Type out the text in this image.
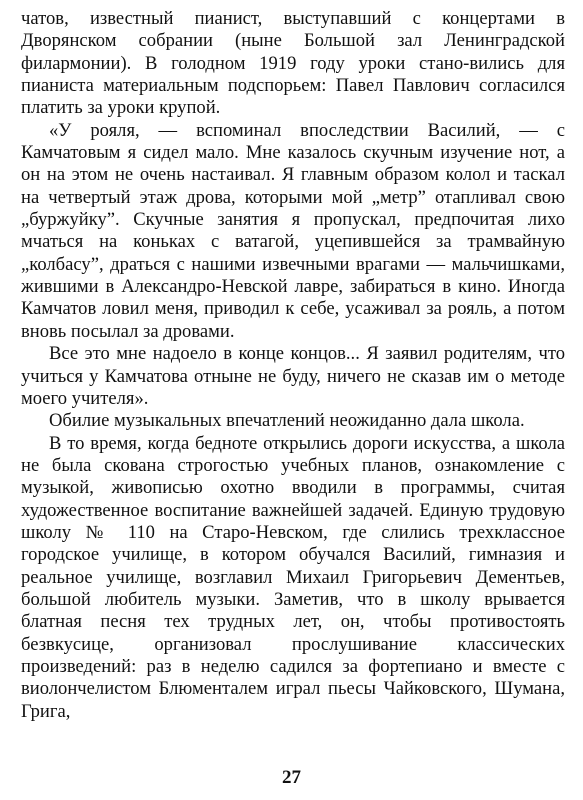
чатов, известный пианист, выступавший с концертами в Дворянском собрании (ныне Большой зал Ленинградской филармонии). В голодном 1919 году уроки стано-вились для пианиста материальным подспорьем: Павел Павлович согласился платить за уроки крупой.

«У рояля, — вспоминал впоследствии Василий, — с Камчатовым я сидел мало. Мне казалось скучным изучение нот, а он на этом не очень настаивал. Я главным образом колол и таскал на четвертый этаж дрова, которыми мой „метр” отапливал свою „буржуйку”. Скучные занятия я пропускал, предпочитая лихо мчаться на коньках с ватагой, уцепившейся за трамвайную „колбасу”, драться с нашими извечными врагами — мальчишками, жившими в Александро-Невской лавре, забираться в кино. Иногда Камчатов ловил меня, приводил к себе, усаживал за рояль, а потом вновь посылал за дровами.

Все это мне надоело в конце концов... Я заявил родителям, что учиться у Камчатова отныне не буду, ничего не сказав им о методе моего учителя».

Обилие музыкальных впечатлений неожиданно дала школа.

В то время, когда бедноте открылись дороги искусства, а школа не была скована строгостью учебных планов, ознакомление с музыкой, живописью охотно вводили в программы, считая художественное воспитание важнейшей задачей. Единую трудовую школу № 110 на Старо-Невском, где слились трехклассное городское училище, в котором обучался Василий, гимназия и реальное училище, возглавил Михаил Григорьевич Дементьев, большой любитель музыки. Заметив, что в школу врывается блатная песня тех трудных лет, он, чтобы противостоять безвкусице, организовал прослушивание классических произведений: раз в неделю садился за фортепиано и вместе с виолончелистом Блюменталем играл пьесы Чайковского, Шумана, Грига,

27
